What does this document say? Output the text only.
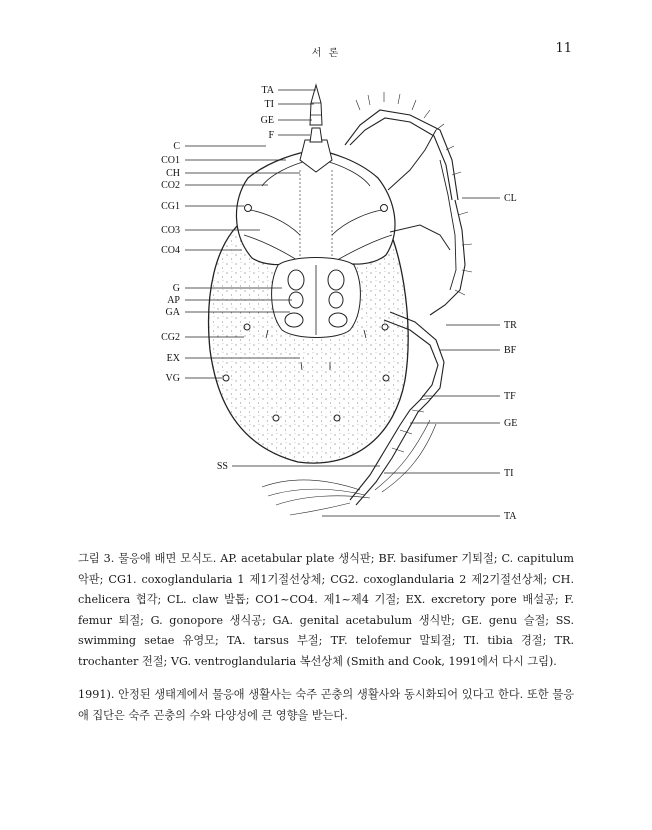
서 론	11
TA
TI
GE
F
C
CO1
CH
CO2
CG1
CO3
CO4
G
AP
GA
CG2
EX
VG
SS
CL
TR
BF
TF
GE
TI
TA
그림 3. 물응애 배면 모식도. AP. acetabular plate 생식판; BF. basifumer 기퇴절; C. capitulum 악판; CG1. coxoglandularia 1 제1기절선상체; CG2. coxoglandularia 2 제2기절선상체; CH. chelicera 협각; CL. claw 발톱; CO1~CO4. 제1~제4 기절; EX. excretory pore 배설공; F. femur 퇴절; G. gonopore 생식공; GA. genital acetabulum 생식반; GE. genu 슬절; SS. swimming setae 유영모; TA. tarsus 부절; TF. telofemur 말퇴절; TI. tibia 경절; TR. trochanter 전절; VG. ventroglandularia 복선상체 (Smith and Cook, 1991에서 다시 그림).
1991). 안정된 생태계에서 물응애 생활사는 숙주 곤충의 생활사와 동시화되어 있다고 한다. 또한 물응애 집단은 숙주 곤충의 수와 다양성에 큰 영향을 받는다.
